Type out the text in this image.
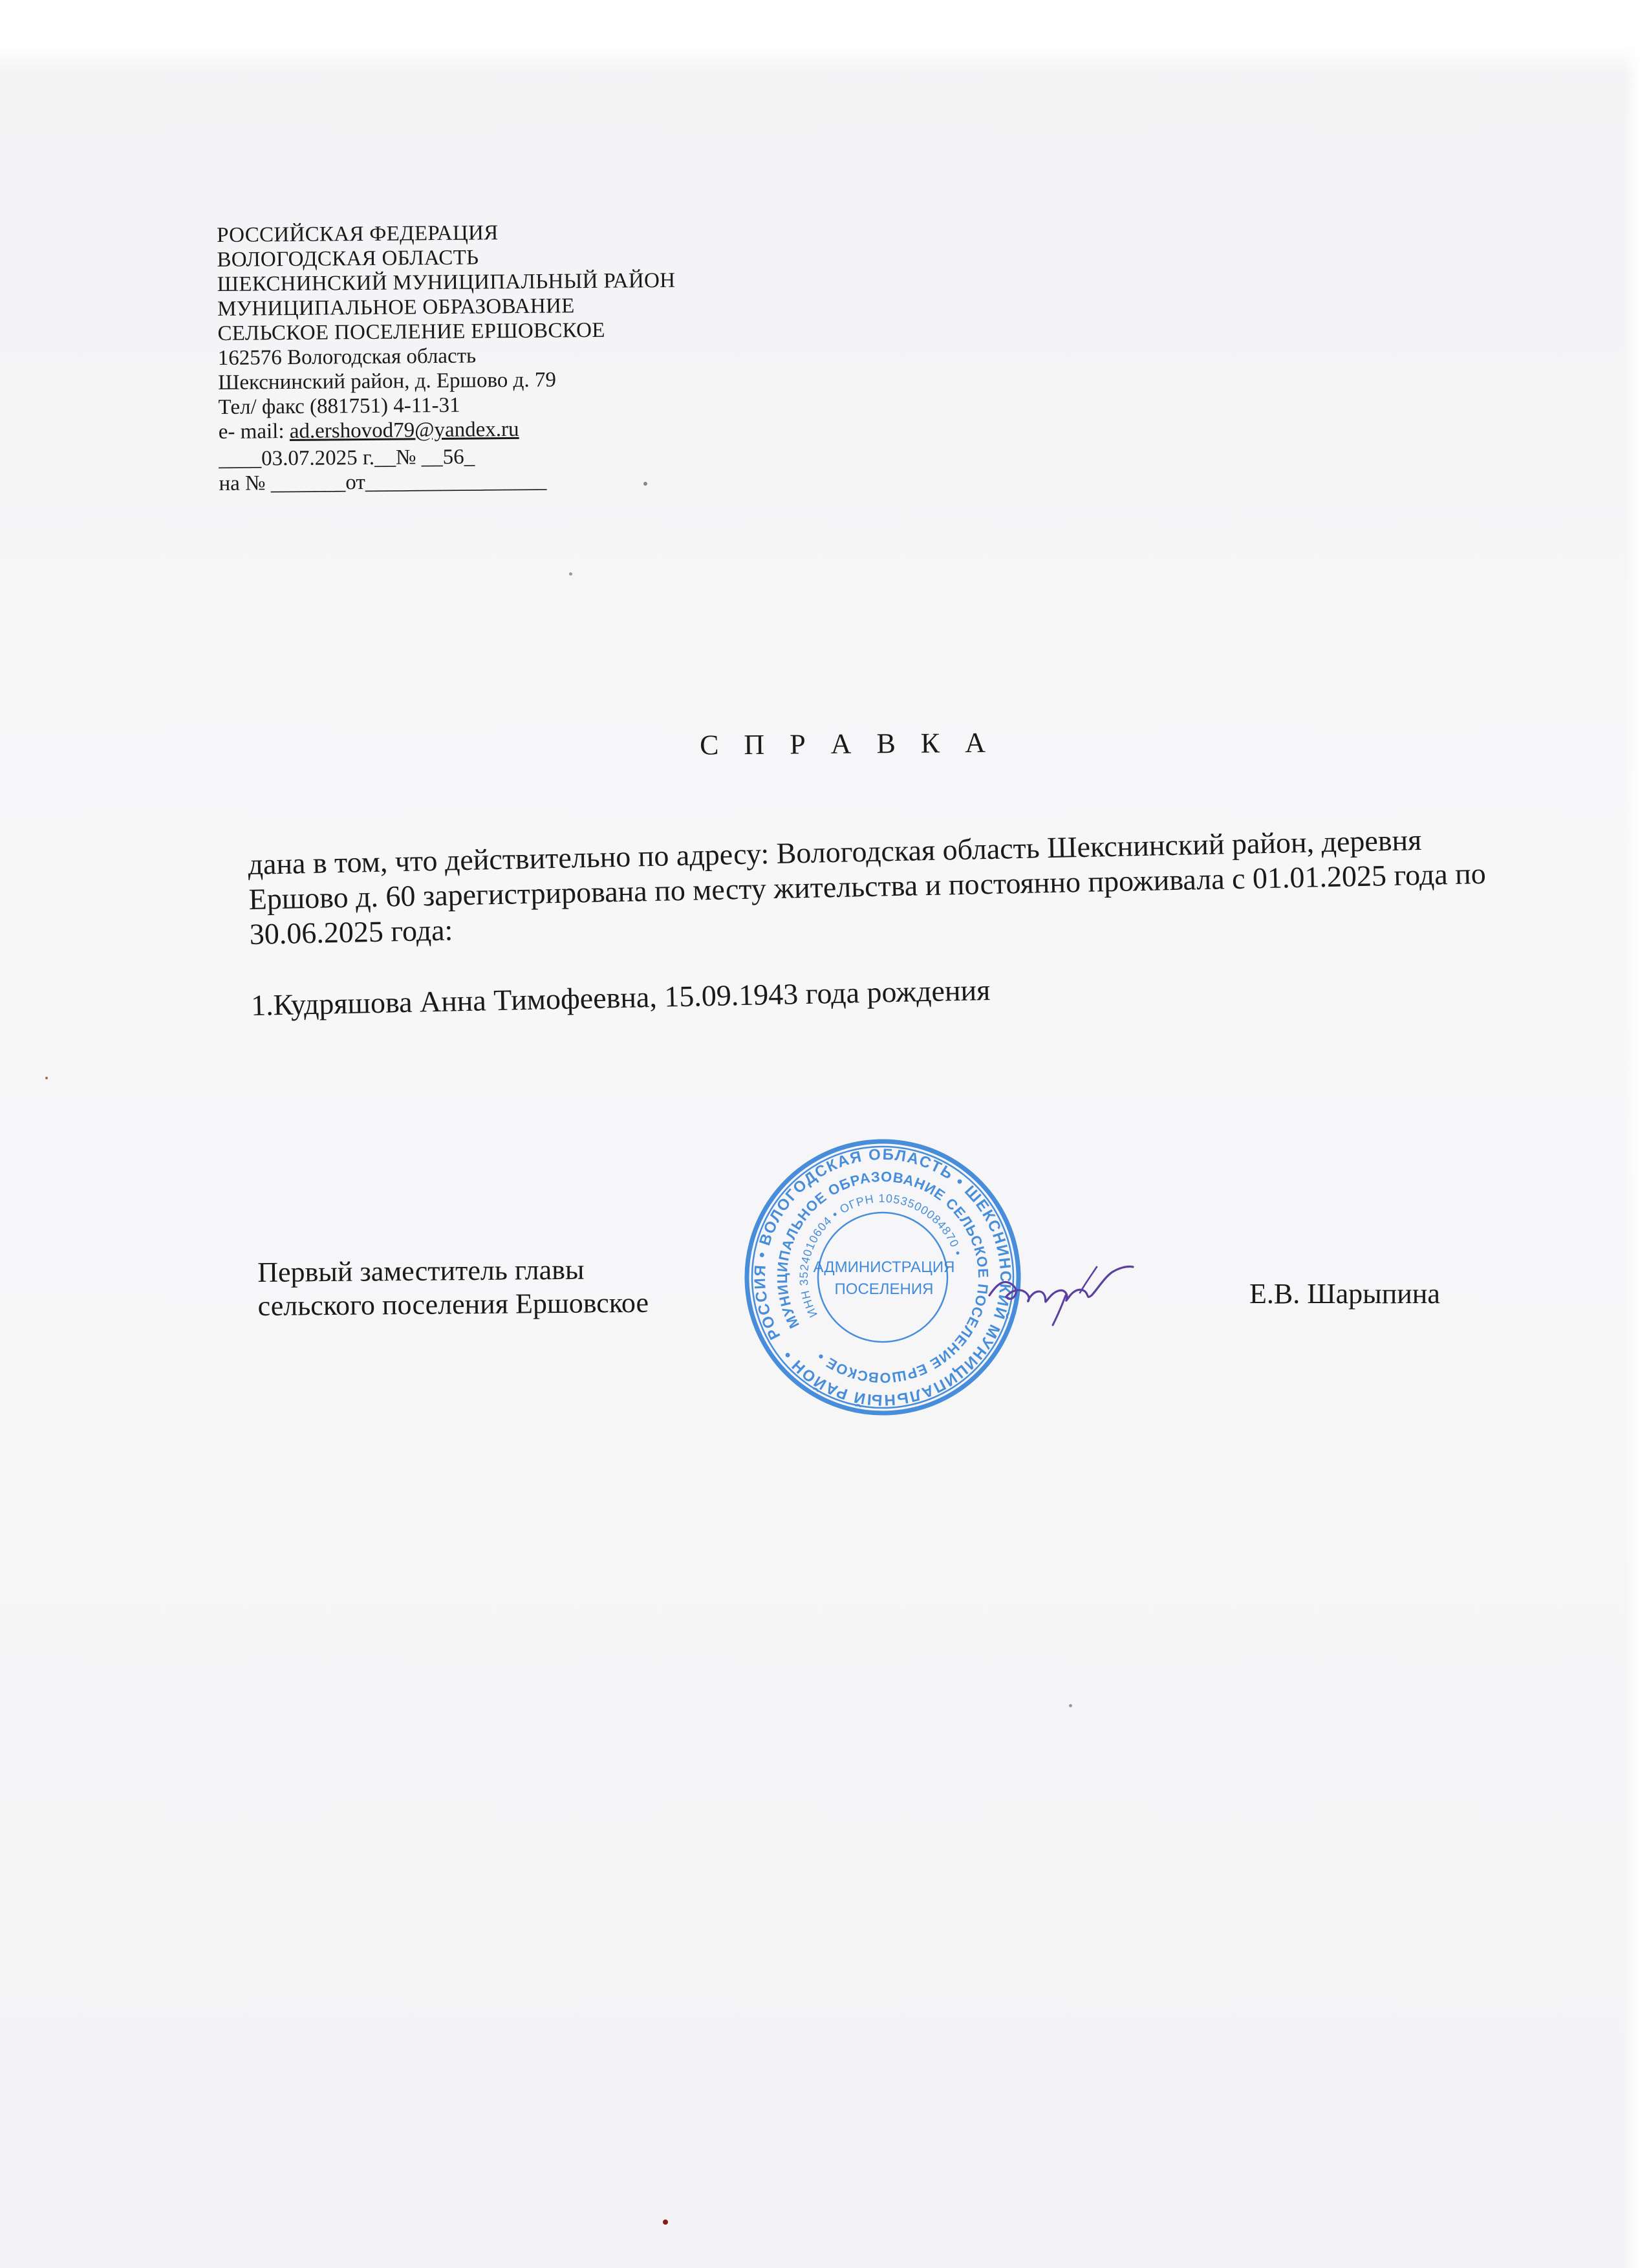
РОССИЙСКАЯ ФЕДЕРАЦИЯ
ВОЛОГОДСКАЯ ОБЛАСТЬ
ШЕКСНИНСКИЙ МУНИЦИПАЛЬНЫЙ РАЙОН
МУНИЦИПАЛЬНОЕ ОБРАЗОВАНИЕ
СЕЛЬСКОЕ ПОСЕЛЕНИЕ ЕРШОВСКОЕ
162576 Вологодская область
Шекснинский район, д. Ершово д. 79
Тел/ факс (881751) 4-11-31
e- mail: ad.ershovod79@yandex.ru
____03.07.2025 г.__№ __56_
на № _______от_________________
С П Р А В К А

дана в том, что действительно по адресу: Вологодская область Шекснинский район, деревня Ершово д. 60 зарегистрирована по месту жительства и постоянно проживала с 01.01.2025 года по 30.06.2025 года:

1.Кудряшова Анна Тимофеевна, 15.09.1943 года рождения

Первый заместитель главы
сельского поселения Ершовское	Е.В. Шарыпина
РОССИЯ • ВОЛОГОДСКАЯ ОБЛАСТЬ • ШЕКСНИНСКИЙ МУНИЦИПАЛЬНЫЙ РАЙОН •
МУНИЦИПАЛЬНОЕ ОБРАЗОВАНИЕ СЕЛЬСКОЕ ПОСЕЛЕНИЕ ЕРШОВСКОЕ •
ИНН 3524010604 • ОГРН 1053500084870 •
АДМИНИСТРАЦИЯ
ПОСЕЛЕНИЯ
